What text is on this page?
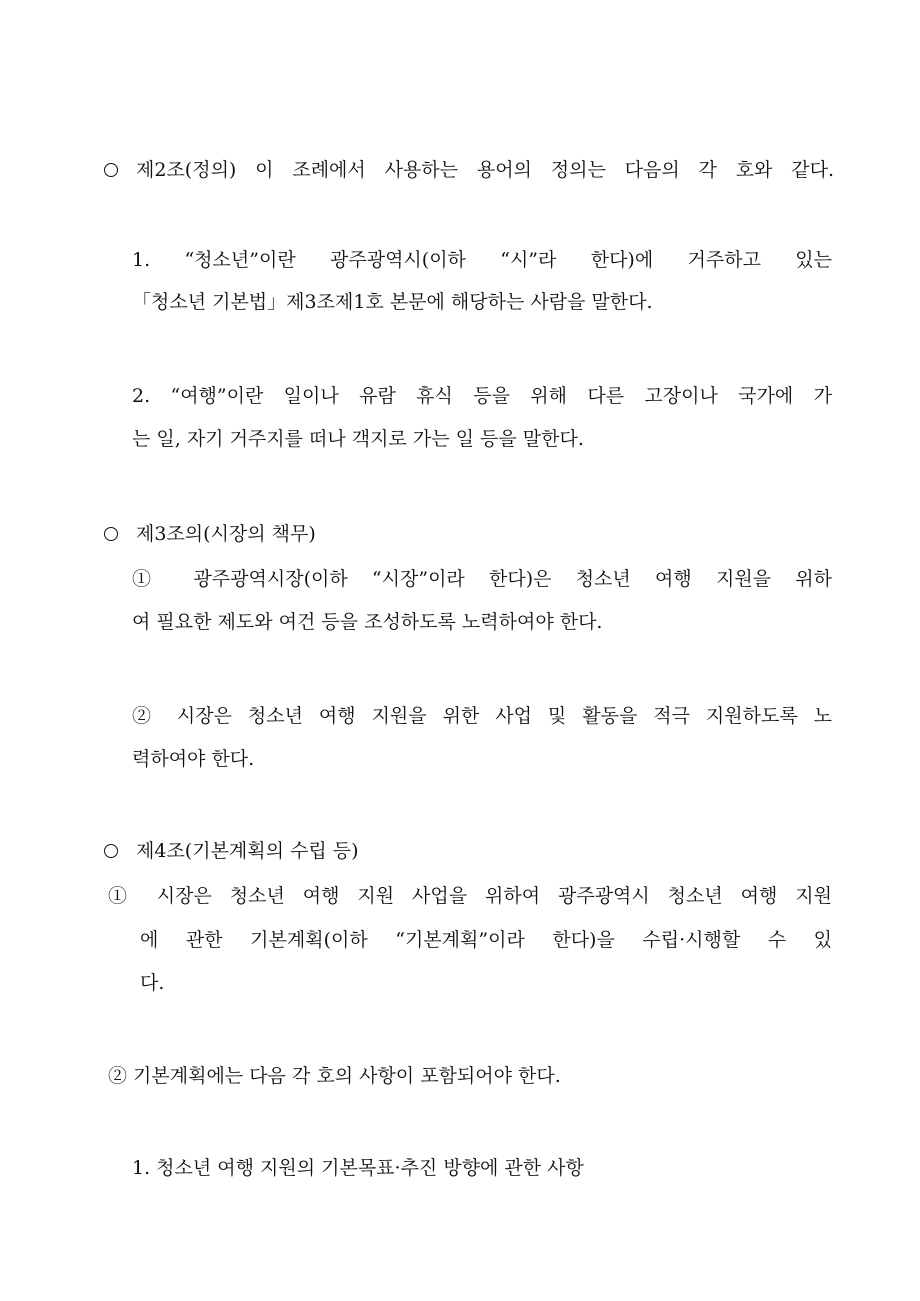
제2조(정의) 이 조례에서 사용하는 용어의 정의는 다음의 각 호와 같다.
1. “청소년”이란 광주광역시(이하 “시”라 한다)에 거주하고 있는
「청소년 기본법」제3조제1호 본문에 해당하는 사람을 말한다.
2. “여행”이란 일이나 유람 휴식 등을 위해 다른 고장이나 국가에 가
는 일, 자기 거주지를 떠나 객지로 가는 일 등을 말한다.
제3조의(시장의 책무)
① 광주광역시장(이하 “시장”이라 한다)은 청소년 여행 지원을 위하
여 필요한 제도와 여건 등을 조성하도록 노력하여야 한다.
② 시장은 청소년 여행 지원을 위한 사업 및 활동을 적극 지원하도록 노
력하여야 한다.
제4조(기본계획의 수립 등)
① 시장은 청소년 여행 지원 사업을 위하여 광주광역시 청소년 여행 지원
에 관한 기본계획(이하 “기본계획”이라 한다)을 수립·시행할 수 있
다.
② 기본계획에는 다음 각 호의 사항이 포함되어야 한다.
1. 청소년 여행 지원의 기본목표·추진 방향에 관한 사항
